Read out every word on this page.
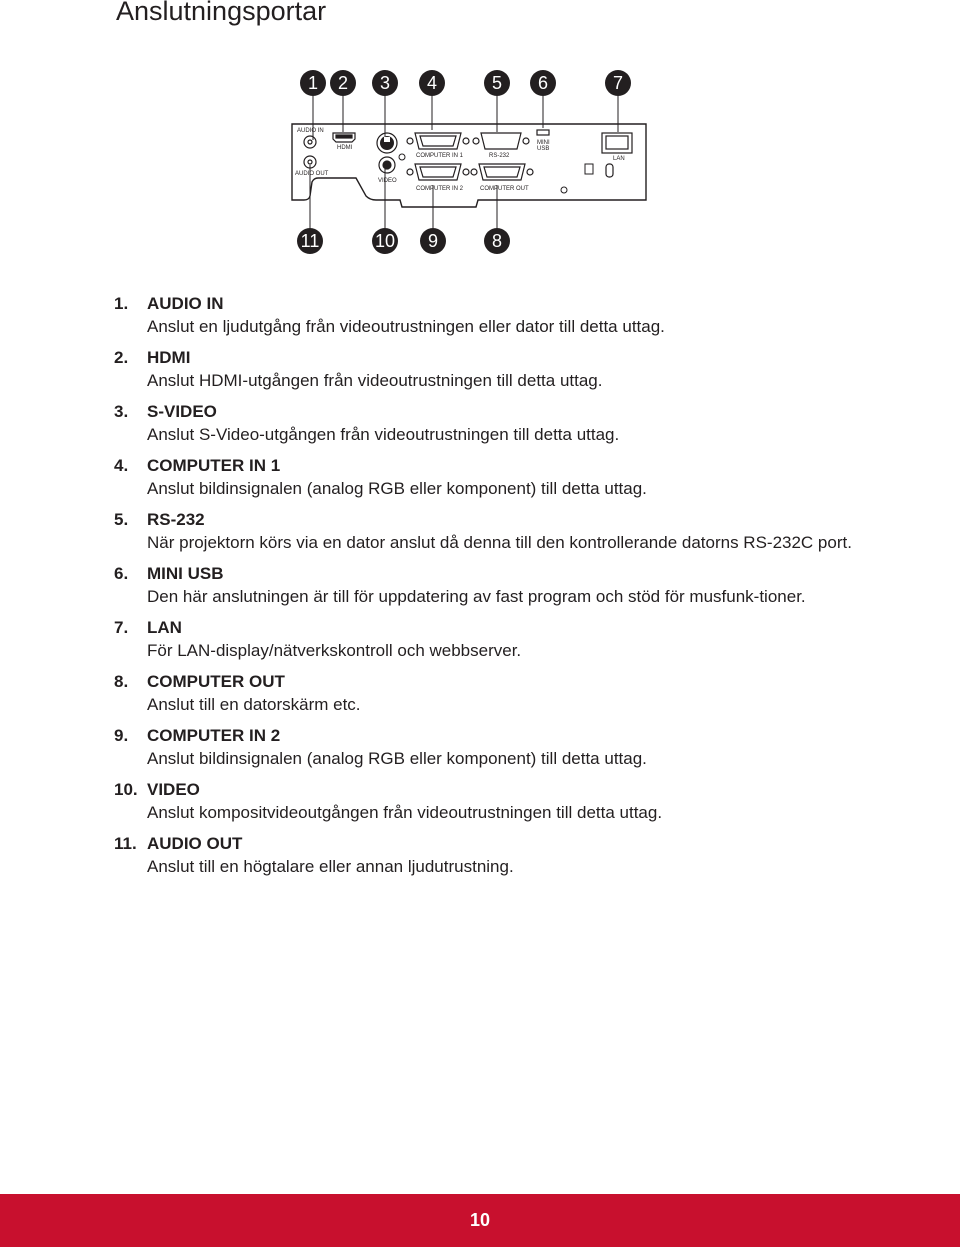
Anslutningsportar
AUDIO IN
HDMI
COMPUTER IN 1	RS-232
MINI
USB
LAN
AUDIO OUT
VIDEO
COMPUTER IN 2	COMPUTER OUT
1 2 3 4	5 6	7
11	10 9	8
1.	AUDIO IN
Anslut en ljudutgång från videoutrustningen eller dator till detta uttag.
2.	HDMI
Anslut HDMI-utgången från videoutrustningen till detta uttag.
3.	S-VIDEO
Anslut S-Video-utgången från videoutrustningen till detta uttag.
4.	COMPUTER IN 1
Anslut bildinsignalen (analog RGB eller komponent) till detta uttag.
5.	RS-232
När projektorn körs via en dator anslut då denna till den kontrollerande datorns RS-232C port.
6.	MINI USB
Den här anslutningen är till för uppdatering av fast program och stöd för musfunk-tioner.
7.	LAN
För LAN-display/nätverkskontroll och webbserver.
8.	COMPUTER OUT
Anslut till en datorskärm etc.
9.	COMPUTER IN 2
Anslut bildinsignalen (analog RGB eller komponent) till detta uttag.
10. VIDEO
Anslut kompositvideoutgången från videoutrustningen till detta uttag.
11. AUDIO OUT
Anslut till en högtalare eller annan ljudutrustning.
10
